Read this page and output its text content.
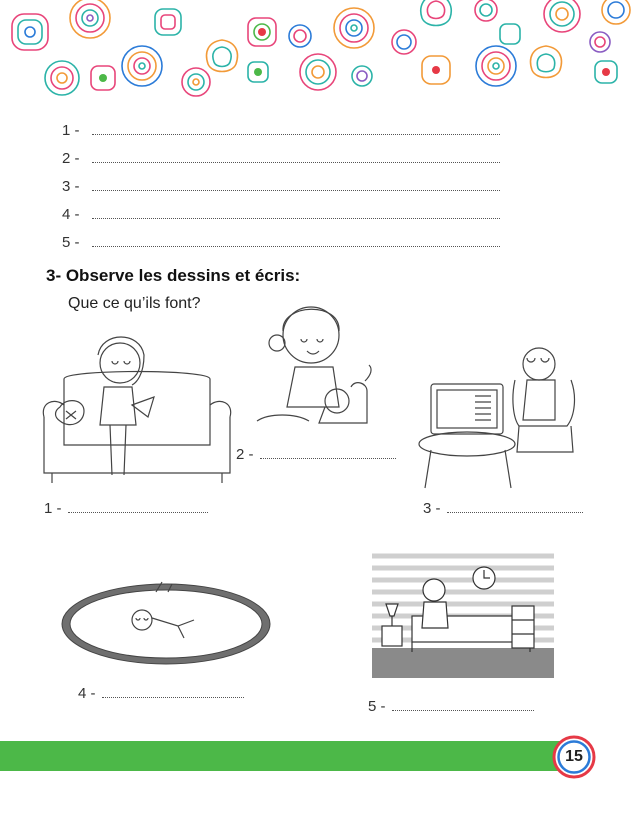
1 -
2 -
3 -
4 -
5 -
3- Observe les dessins et écris:
Que ce qu’ils font?
1 -
2 -
3 -
4 -
5 -
15
